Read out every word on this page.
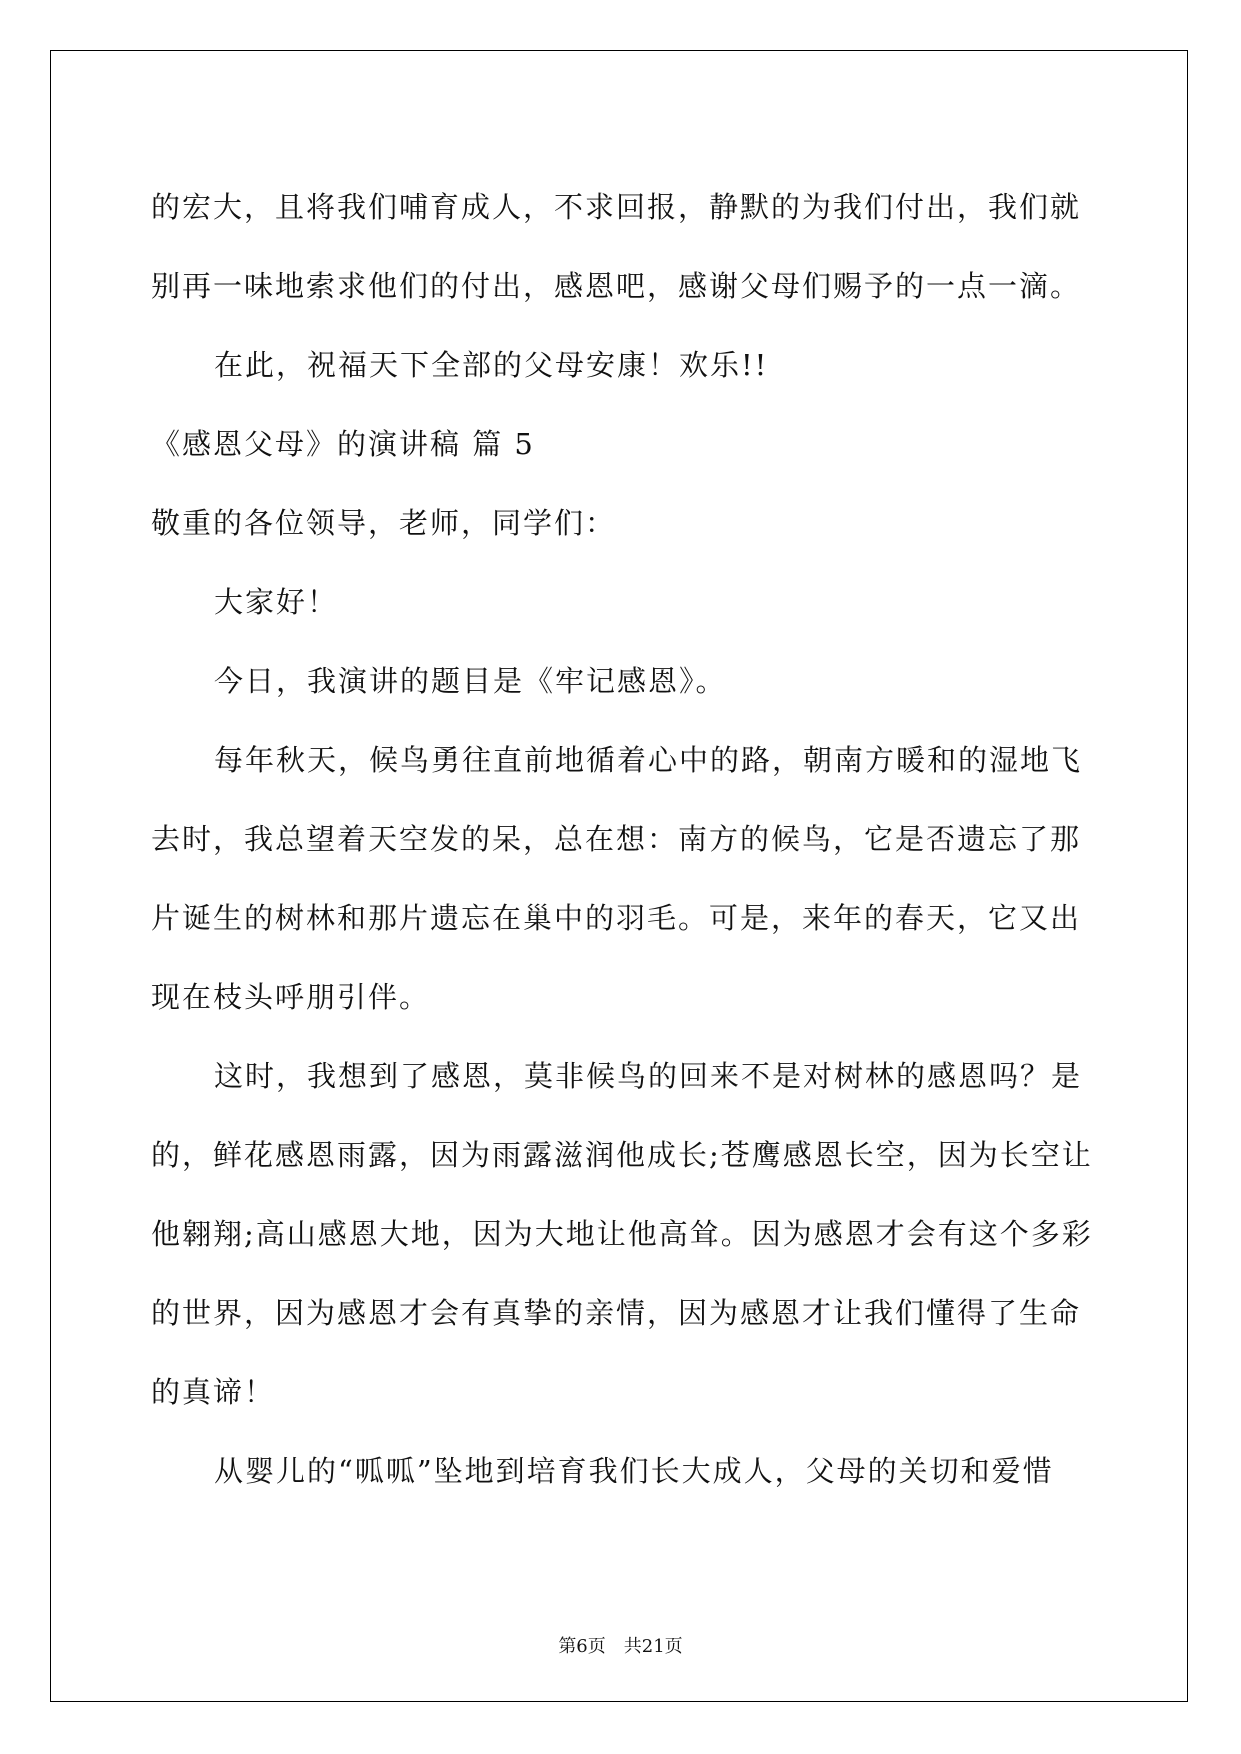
的宏大，且将我们哺育成人，不求回报，静默的为我们付出，我们就
别再一味地索求他们的付出，感恩吧，感谢父母们赐予的一点一滴。
在此，祝福天下全部的父母安康！欢乐!!
《感恩父母》的演讲稿 篇 5
敬重的各位领导，老师，同学们：
大家好！
今日，我演讲的题目是《牢记感恩》。
每年秋天，候鸟勇往直前地循着心中的路，朝南方暖和的湿地飞
去时，我总望着天空发的呆，总在想：南方的候鸟，它是否遗忘了那
片诞生的树林和那片遗忘在巢中的羽毛。可是，来年的春天，它又出
现在枝头呼朋引伴。
这时，我想到了感恩，莫非候鸟的回来不是对树林的感恩吗？是
的，鲜花感恩雨露，因为雨露滋润他成长;苍鹰感恩长空，因为长空让
他翱翔;高山感恩大地，因为大地让他高耸。因为感恩才会有这个多彩
的世界，因为感恩才会有真挚的亲情，因为感恩才让我们懂得了生命
的真谛！
从婴儿的“呱呱”坠地到培育我们长大成人，父母的关切和爱惜
第6页　共21页
